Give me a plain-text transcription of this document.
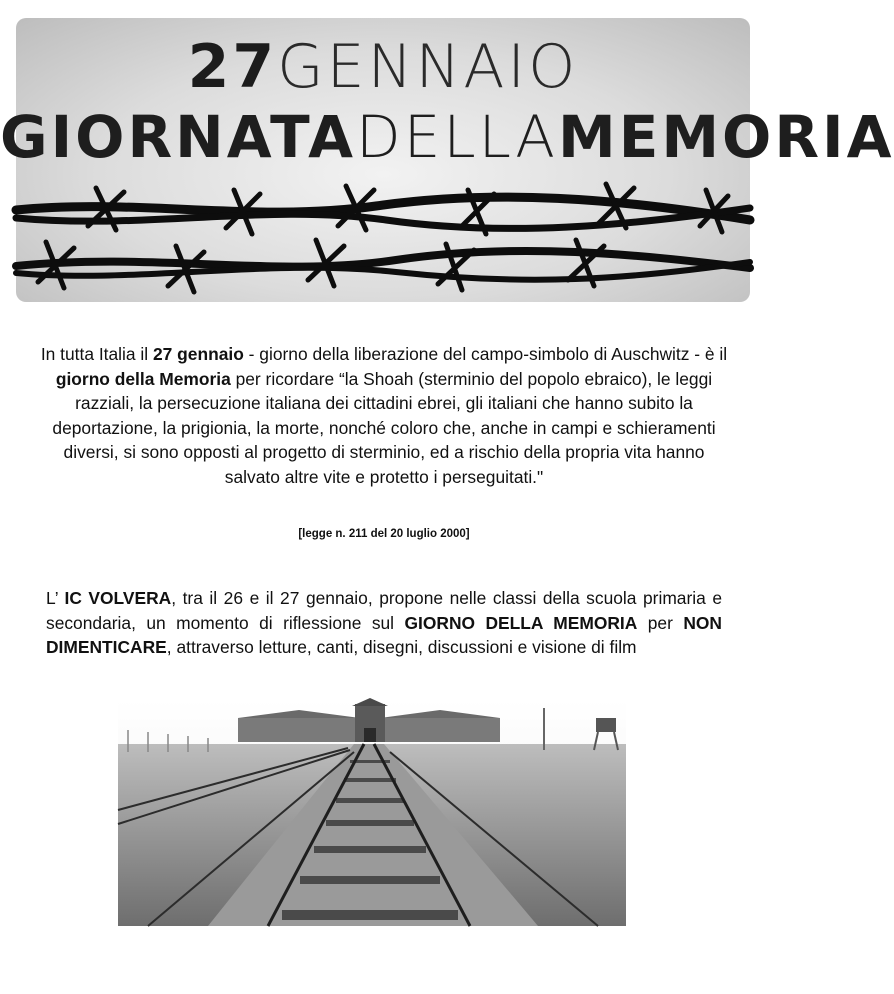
27GENNAIO
GIORNATADELLAMEMORIA

In tutta Italia il 27 gennaio - giorno della liberazione del campo-simbolo di Auschwitz - è il giorno della Memoria per ricordare “la Shoah (sterminio del popolo ebraico), le leggi razziali, la persecuzione italiana dei cittadini ebrei, gli italiani che hanno subito la deportazione, la prigionia, la morte, nonché coloro che, anche in campi e schieramenti diversi, si sono opposti al progetto di sterminio, ed a rischio della propria vita hanno salvato altre vite e protetto i perseguitati."

[legge n. 211 del 20 luglio 2000]

L’ IC VOLVERA, tra il 26 e il 27 gennaio, propone nelle classi della scuola primaria e secondaria, un momento di riflessione sul GIORNO DELLA MEMORIA per NON DIMENTICARE, attraverso letture, canti, disegni, discussioni e visione di film
